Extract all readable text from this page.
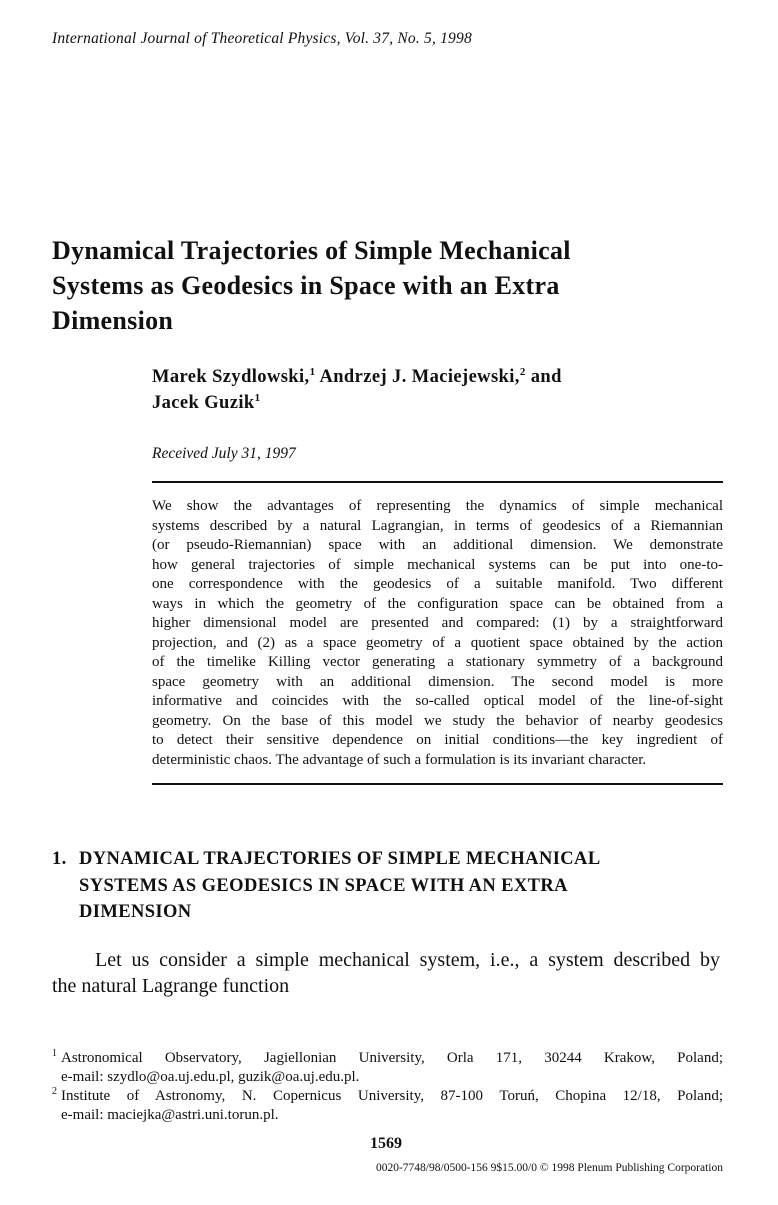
International Journal of Theoretical Physics, Vol. 37, No. 5, 1998
Dynamical Trajectories of Simple Mechanical
Systems as Geodesics in Space with an Extra
Dimension
Marek Szydlowski,$^1$ Andrzej J. Maciejewski,$^2$ and
Jacek Guzik$^1$
Received July 31, 1997
We show the advantages of representing the dynamics of simple mechanical
systems described by a natural Lagrangian, in terms of geodesics of a Riemannian
(or pseudo-Riemannian) space with an additional dimension. We demonstrate
how general trajectories of simple mechanical systems can be put into one-to-
one correspondence with the geodesics of a suitable manifold. Two different
ways in which the geometry of the configuration space can be obtained from a
higher dimensional model are presented and compared: (1) by a straightforward
projection, and (2) as a space geometry of a quotient space obtained by the action
of the timelike Killing vector generating a stationary symmetry of a background
space geometry with an additional dimension. The second model is more
informative and coincides with the so-called optical model of the line-of-sight
geometry. On the base of this model we study the behavior of nearby geodesics
to detect their sensitive dependence on initial conditions—the key ingredient of
deterministic chaos. The advantage of such a formulation is its invariant character.
1. DYNAMICAL TRAJECTORIES OF SIMPLE MECHANICAL
SYSTEMS AS GEODESICS IN SPACE WITH AN EXTRA
DIMENSION
Let us consider a simple mechanical system, i.e., a system described by
the natural Lagrange function
1 Astronomical Observatory, Jagiellonian University, Orla 171, 30244 Krakow, Poland;
e-mail: szydlo@oa.uj.edu.pl, guzik@oa.uj.edu.pl.
2 Institute of Astronomy, N. Copernicus University, 87-100 Toruń, Chopina 12/18, Poland;
e-mail: maciejka@astri.uni.torun.pl.
1569
0020-7748/98/0500-156 9$15.00/0 © 1998 Plenum Publishing Corporation
